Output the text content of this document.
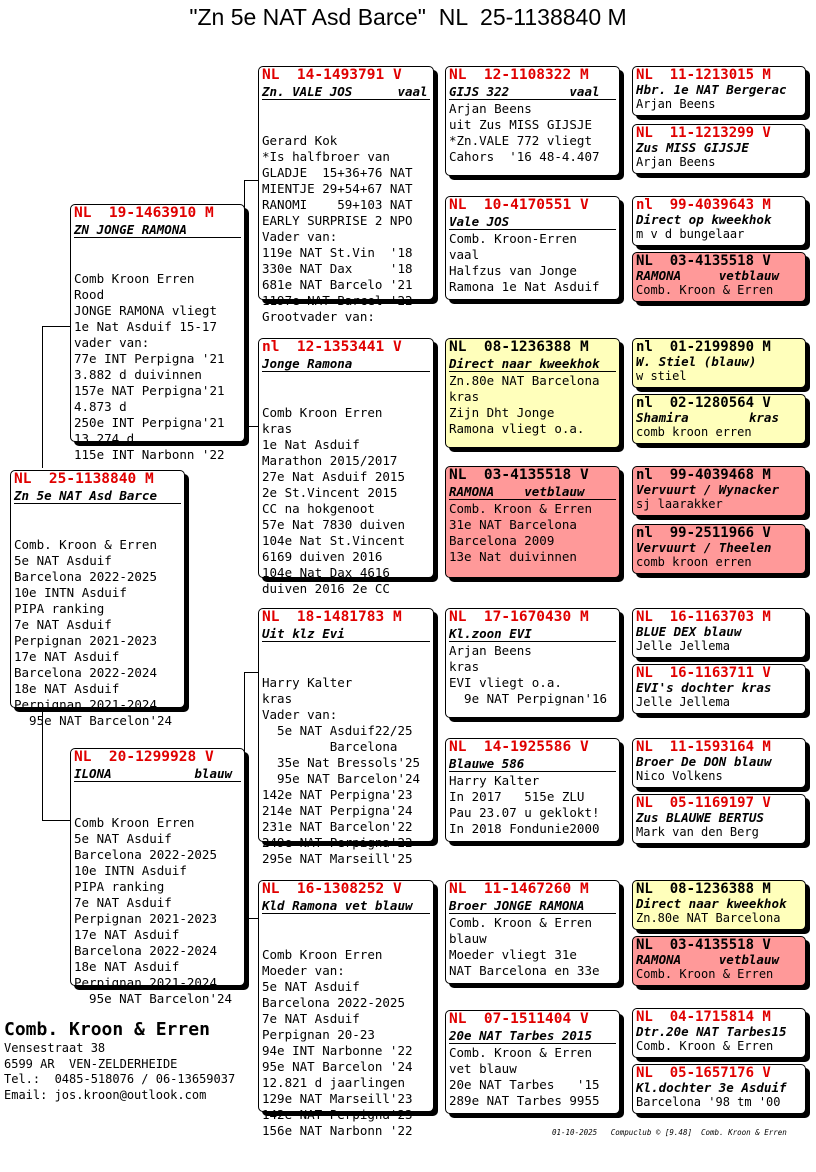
"Zn 5e NAT Asd Barce"  NL  25-1138840 M
NL  25-1138840 M
Zn 5e NAT Asd Barce

Comb. Kroon & Erren
5e NAT Asduif
Barcelona 2022-2025
10e INTN Asduif
PIPA ranking
7e NAT Asduif
Perpignan 2021-2023
17e NAT Asduif
Barcelona 2022-2024
18e NAT Asduif
Perpignan 2021-2024
95e NAT Barcelon'24

NL  19-1463910 M
ZN JONGE RAMONA

Comb Kroon Erren
Rood
JONGE RAMONA vliegt
1e Nat Asduif 15-17
vader van:
77e INT Perpigna '21
3.882 d duivinnen
157e NAT Perpigna'21
4.873 d
250e INT Perpigna'21
13.274 d
115e INT Narbonn '22

NL  20-1299928 V
ILONA           blauw

Comb Kroon Erren
5e NAT Asduif
Barcelona 2022-2025
10e INTN Asduif
PIPA ranking
7e NAT Asduif
Perpignan 2021-2023
17e NAT Asduif
Barcelona 2022-2024
18e NAT Asduif
Perpignan 2021-2024
95e NAT Barcelon'24

NL  14-1493791 V
Zn. VALE JOS      vaal

Gerard Kok
*Is halfbroer van
GLADJE  15+36+76 NAT
MIENTJE 29+54+67 NAT
RANOMI    59+103 NAT
EARLY SURPRISE 2 NPO
Vader van:
119e NAT St.Vin  '18
330e NAT Dax     '18
681e NAT Barcelo '21
1197e NAT Barcel '22
Grootvader van:

nl  12-1353441 V
Jonge Ramona

Comb Kroon Erren
kras
1e Nat Asduif
Marathon 2015/2017
27e Nat Asduif 2015
2e St.Vincent 2015
CC na hokgenoot
57e Nat 7830 duiven
104e Nat St.Vincent
6169 duiven 2016
104e Nat Dax 4616
duiven 2016 2e CC

NL  18-1481783 M
Uit klz Evi

Harry Kalter
kras
Vader van:
5e NAT Asduif22/25
Barcelona
35e Nat Bressols'25
95e NAT Barcelon'24
142e NAT Perpigna'23
214e NAT Perpigna'24
231e NAT Barcelon'22
249e NAT Perpigna'22
295e NAT Marseill'25

NL  16-1308252 V
Kld Ramona vet blauw

Comb Kroon Erren
Moeder van:
5e NAT Asduif
Barcelona 2022-2025
7e NAT Asduif
Perpignan 20-23
94e INT Narbonne '22
95e NAT Barcelon '24
12.821 d jaarlingen
129e NAT Marseill'23
142e NAT Perpigna'23
156e NAT Narbonn '22

NL  12-1108322 M
GIJS 322        vaal
Arjan Beens
uit Zus MISS GIJSJE
*Zn.VALE 772 vliegt
Cahors  '16 48-4.407
NL  10-4170551 V
Vale JOS
Comb. Kroon-Erren
vaal
Halfzus van Jonge
Ramona 1e Nat Asduif
NL  08-1236388 M
Direct naar kweekhok
Zn.80e NAT Barcelona
kras
Zijn Dht Jonge
Ramona vliegt o.a.
NL  03-4135518 V
RAMONA    vetblauw
Comb. Kroon & Erren
31e NAT Barcelona
Barcelona 2009
13e Nat duivinnen
NL  17-1670430 M
Kl.zoon EVI
Arjan Beens
kras
EVI vliegt o.a.
9e NAT Perpignan'16
NL  14-1925586 V
Blauwe 586
Harry Kalter
In 2017   515e ZLU
Pau 23.07 u geklokt!
In 2018 Fondunie2000
NL  11-1467260 M
Broer JONGE RAMONA
Comb. Kroon & Erren
blauw
Moeder vliegt 31e
NAT Barcelona en 33e
NL  07-1511404 V
20e NAT Tarbes 2015
Comb. Kroon & Erren
vet blauw
20e NAT Tarbes   '15
289e NAT Tarbes 9955
NL  11-1213015 M
Hbr. 1e NAT Bergerac
Arjan Beens
NL  11-1213299 V
Zus MISS GIJSJE
Arjan Beens
nl  99-4039643 M
Direct op kweekhok
m v d bungelaar
NL  03-4135518 V
RAMONA     vetblauw
Comb. Kroon & Erren
nl  01-2199890 M
W. Stiel (blauw)
w stiel
nl  02-1280564 V
Shamira        kras
comb kroon erren
nl  99-4039468 M
Vervuurt / Wynacker
sj laarakker
nl  99-2511966 V
Vervuurt / Theelen
comb kroon erren
NL  16-1163703 M
BLUE DEX blauw
Jelle Jellema
NL  16-1163711 V
EVI's dochter kras
Jelle Jellema
NL  11-1593164 M
Broer De DON blauw
Nico Volkens
NL  05-1169197 V
Zus BLAUWE BERTUS
Mark van den Berg
NL  08-1236388 M
Direct naar kweekhok
Zn.80e NAT Barcelona
NL  03-4135518 V
RAMONA     vetblauw
Comb. Kroon & Erren
NL  04-1715814 M
Dtr.20e NAT Tarbes15
Comb. Kroon & Erren
NL  05-1657176 V
Kl.dochter 3e Asduif
Barcelona '98 tm '00
Comb. Kroon & Erren
Vensestraat 38
6599 AR  VEN-ZELDERHEIDE
Tel.:  0485-518076 / 06-13659037
Email: jos.kroon@outlook.com
01-10-2025   Compuclub © [9.48]  Comb. Kroon & Erren
